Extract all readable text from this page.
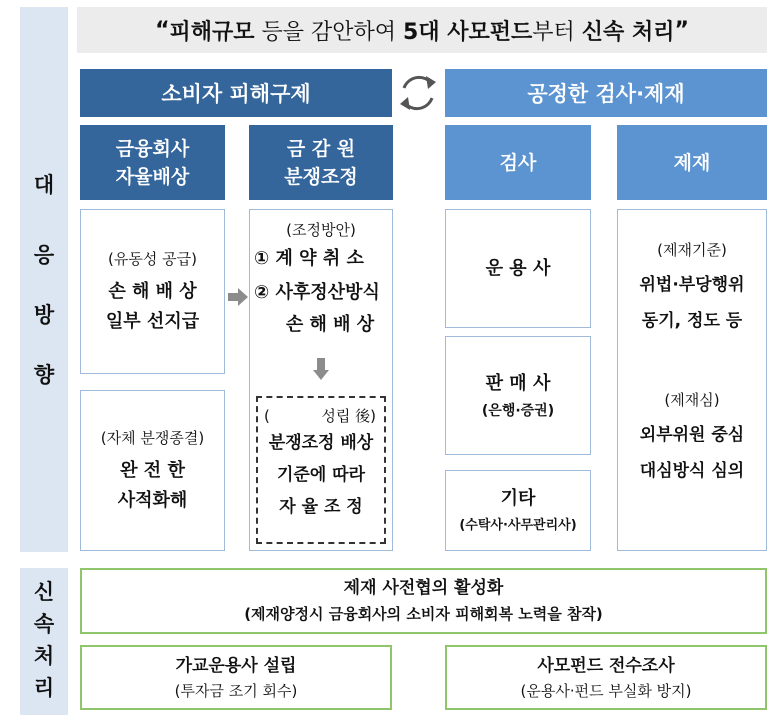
대
응
방
향
신
속
처
리
“ 피해규모 등을 감안하여 5대 사모펀드 부터 신속 처리 ”
소비자 피해구제	공정한 검사·제재
금융회사
자율배상
금 감 원
분쟁조정
검사	제재
(유동성 공급)
손 해 배 상
일부 선지급
(자체 분쟁종결)
완 전 한
사적화해
(조정방안)
① 계 약 취 소
② 사후정산방식
손 해 배 상
(	성립 後)
분쟁조정 배상
기준에 따라
자 율 조 정
운 용 사
판 매 사
(은행·증권)
기타
(수탁사·사무관리사)
(제재기준)
위법·부당행위
동기, 정도 등
(제재심)
외부위원 중심
대심방식 심의
제재 사전협의 활성화
(제재양정시 금융회사의 소비자 피해회복 노력을 참작)
가교운용사 설립
(투자금 조기 회수)
사모펀드 전수조사
(운용사·펀드 부실화 방지)
